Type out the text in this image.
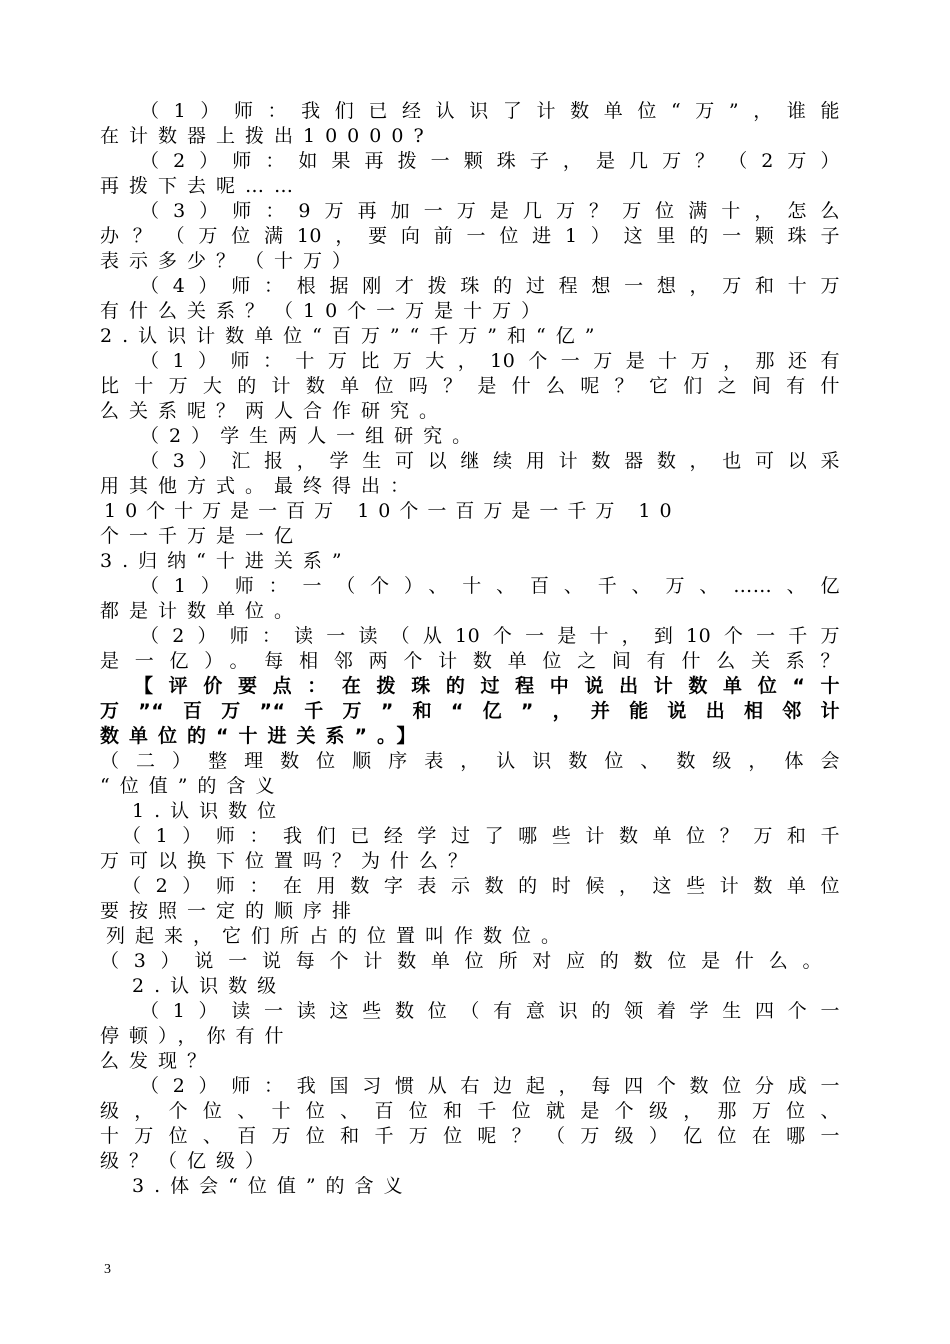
（1）师：我们已经认识了计数单位“万”，谁能
在计数器上拨出10000?
（2）师：如果再拨一颗珠子，是几万？（2万）
再拨下去呢……
（3）师：9万再加一万是几万？万位满十，怎么
办？（万位满10，要向前一位进1）这里的一颗珠子
表示多少？（十万）
（4）师：根据刚才拨珠的过程想一想，万和十万
有什么关系？（10个一万是十万）
2.认识计数单位“百万”“千万”和“亿”
（1）师：十万比万大，10个一万是十万，那还有
比十万大的计数单位吗？是什么呢？它们之间有什
么关系呢？两人合作研究。
（2）学生两人一组研究。
（3）汇报，学生可以继续用计数器数，也可以采
用其他方式。最终得出：
10个十万是一百万 10个一百万是一千万 10
个一千万是一亿
3.归纳“十进关系”
（1）师：一（个）、十、百、千、万、……、亿
都是计数单位。
（2）师：读一读（从10个一是十，到10个一千万
是一亿）。每相邻两个计数单位之间有什么关系？
【评价要点：在拨珠的过程中说出计数单位“十
万”“百万”“千万”和“亿”，并能说出相邻计
数单位的“十进关系”。】
（二）整理数位顺序表，认识数位、数级，体会
“位值”的含义
1.认识数位
（1）师：我们已经学过了哪些计数单位？万和千
万可以换下位置吗？为什么？
（2）师：在用数字表示数的时候，这些计数单位
要按照一定的顺序排
列起来，它们所占的位置叫作数位。
（3）说一说每个计数单位所对应的数位是什么。
2.认识数级
（1）读一读这些数位（有意识的领着学生四个一
停顿），你有什
么发现？
（2）师：我国习惯从右边起，每四个数位分成一
级，个位、十位、百位和千位就是个级，那万位、
十万位、百万位和千万位呢？（万级）亿位在哪一
级？（亿级）
3.体会“位值”的含义
3
